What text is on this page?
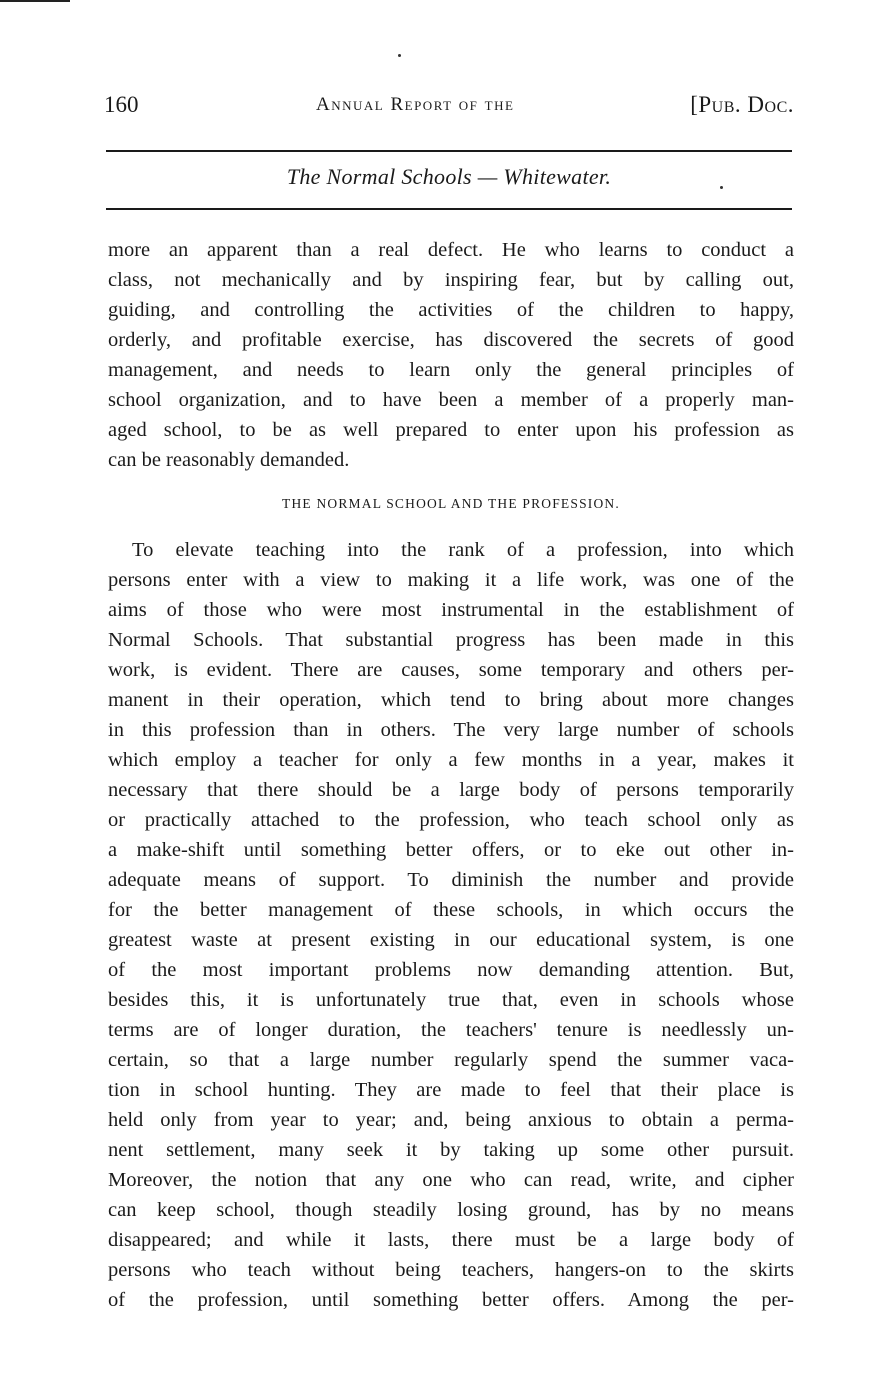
160	Annual Report of the	[Pub. Doc.
The Normal Schools — Whitewater.
more an apparent than a real defect. He who learns to conduct a
class, not mechanically and by inspiring fear, but by calling out,
guiding, and controlling the activities of the children to happy,
orderly, and profitable exercise, has discovered the secrets of good
management, and needs to learn only the general principles of
school organization, and to have been a member of a properly man-
aged school, to be as well prepared to enter upon his profession as
can be reasonably demanded.
THE NORMAL SCHOOL AND THE PROFESSION.
To elevate teaching into the rank of a profession, into which
persons enter with a view to making it a life work, was one of the
aims of those who were most instrumental in the establishment of
Normal Schools. That substantial progress has been made in this
work, is evident. There are causes, some temporary and others per-
manent in their operation, which tend to bring about more changes
in this profession than in others. The very large number of schools
which employ a teacher for only a few months in a year, makes it
necessary that there should be a large body of persons temporarily
or practically attached to the profession, who teach school only as
a make-shift until something better offers, or to eke out other in-
adequate means of support. To diminish the number and provide
for the better management of these schools, in which occurs the
greatest waste at present existing in our educational system, is one
of the most important problems now demanding attention. But,
besides this, it is unfortunately true that, even in schools whose
terms are of longer duration, the teachers' tenure is needlessly un-
certain, so that a large number regularly spend the summer vaca-
tion in school hunting. They are made to feel that their place is
held only from year to year; and, being anxious to obtain a perma-
nent settlement, many seek it by taking up some other pursuit.
Moreover, the notion that any one who can read, write, and cipher
can keep school, though steadily losing ground, has by no means
disappeared; and while it lasts, there must be a large body of
persons who teach without being teachers, hangers-on to the skirts
of the profession, until something better offers. Among the per-
